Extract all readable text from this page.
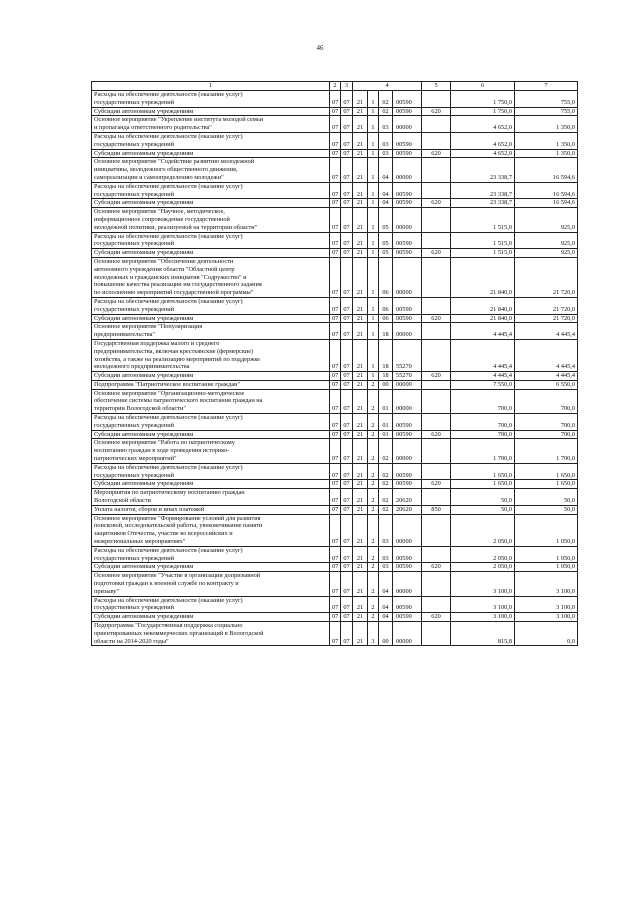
46
1	2	3	4				5	6	7
Расходы на обеспечение деятельности (оказание услуг)
государственных учреждений	07	07	21	1	02	00590		1 750,0	755,0
Субсидии автономным учреждениям	07	07	21	1	02	00590	620	1 750,0	755,0
Основное мероприятие "Укрепление института молодой семьи
и пропаганда ответственного родительства"	07	07	21	1	03	00000		4 652,0	1 350,0
Расходы на обеспечение деятельности (оказание услуг)
государственных учреждений	07	07	21	1	03	00590		4 652,0	1 350,0
Субсидии автономным учреждениям	07	07	21	1	03	00590	620	4 652,0	1 350,0
Основное мероприятие "Содействие развитию молодежной
инициативы, молодежного общественного движения,
самореализации и самоопределению молодежи"	07	07	21	1	04	00000		23 338,7	16 594,6
Расходы на обеспечение деятельности (оказание услуг)
государственных учреждений	07	07	21	1	04	00590		23 338,7	16 594,6
Субсидии автономным учреждениям	07	07	21	1	04	00590	620	23 338,7	16 594,6
Основное мероприятие "Научное, методическое,
информационное сопровождение государственной
молодежной политики, реализуемой на территории области"	07	07	21	1	05	00000		1 515,0	925,0
Расходы на обеспечение деятельности (оказание услуг)
государственных учреждений	07	07	21	1	05	00590		1 515,0	925,0
Субсидии автономным учреждениям	07	07	21	1	05	00590	620	1 515,0	925,0
Основное мероприятие "Обеспечение деятельности
автономного учреждения области "Областной центр
молодежных и гражданских инициатив "Содружество" и
повышение качества реализации им государственного задания
по исполнению мероприятий государственной программы"	07	07	21	1	06	00000		21 840,0	21 720,0
Расходы на обеспечение деятельности (оказание услуг)
государственных учреждений	07	07	21	1	06	00590		21 840,0	21 720,0
Субсидии автономным учреждениям	07	07	21	1	06	00590	620	21 840,0	21 720,0
Основное мероприятие "Популяризация
предпринимательства"	07	07	21	1	18	00000		4 445,4	4 445,4
Государственная поддержка малого и среднего
предпринимательства, включая крестьянские (фермерские)
хозяйства, а также на реализацию мероприятий по поддержке
молодежного предпринимательства	07	07	21	1	18	55270		4 445,4	4 445,4
Субсидии автономным учреждениям	07	07	21	1	18	55270	620	4 445,4	4 445,4
Подпрограмма "Патриотическое воспитание граждан"	07	07	21	2	00	00000		7 550,0	6 550,0
Основное мероприятие "Организационно-методическое
обеспечение системы патриотического воспитания граждан на
территории Вологодской области"	07	07	21	2	01	00000		700,0	700,0
Расходы на обеспечение деятельности (оказание услуг)
государственных учреждений	07	07	21	2	01	00590		700,0	700,0
Субсидии автономным учреждениям	07	07	21	2	01	00590	620	700,0	700,0
Основное мероприятие "Работа по патриотическому
воспитанию граждан в ходе проведения историко-
патриотических мероприятий"	07	07	21	2	02	00000		1 700,0	1 700,0
Расходы на обеспечение деятельности (оказание услуг)
государственных учреждений	07	07	21	2	02	00590		1 650,0	1 650,0
Субсидии автономным учреждениям	07	07	21	2	02	00590	620	1 650,0	1 650,0
Мероприятия по патриотическому воспитанию граждан
Вологодской области	07	07	21	2	02	20620		50,0	50,0
Уплата налогов, сборов и иных платежей	07	07	21	2	02	20620	850	50,0	50,0
Основное мероприятие "Формирование условий для развития
поисковой, исследовательской работы, увековечивание памяти
защитников Отечества, участие во всероссийских и
межрегиональных мероприятиях"	07	07	21	2	03	00000		2 050,0	1 050,0
Расходы на обеспечение деятельности (оказание услуг)
государственных учреждений	07	07	21	2	03	00590		2 050,0	1 050,0
Субсидии автономным учреждениям	07	07	21	2	03	00590	620	2 050,0	1 050,0
Основное мероприятие "Участие в организации допризывной
подготовки граждан к военной службе по контракту и
призыву"	07	07	21	2	04	00000		3 100,0	3 100,0
Расходы на обеспечение деятельности (оказание услуг)
государственных учреждений	07	07	21	2	04	00590		3 100,0	3 100,0
Субсидии автономным учреждениям	07	07	21	2	04	00590	620	3 100,0	3 100,0
Подпрограмма "Государственная поддержка социально
ориентированных некоммерческих организаций в Вологодской
области на 2014-2020 годы"	07	07	21	3	00	00000		815,8	0,0
